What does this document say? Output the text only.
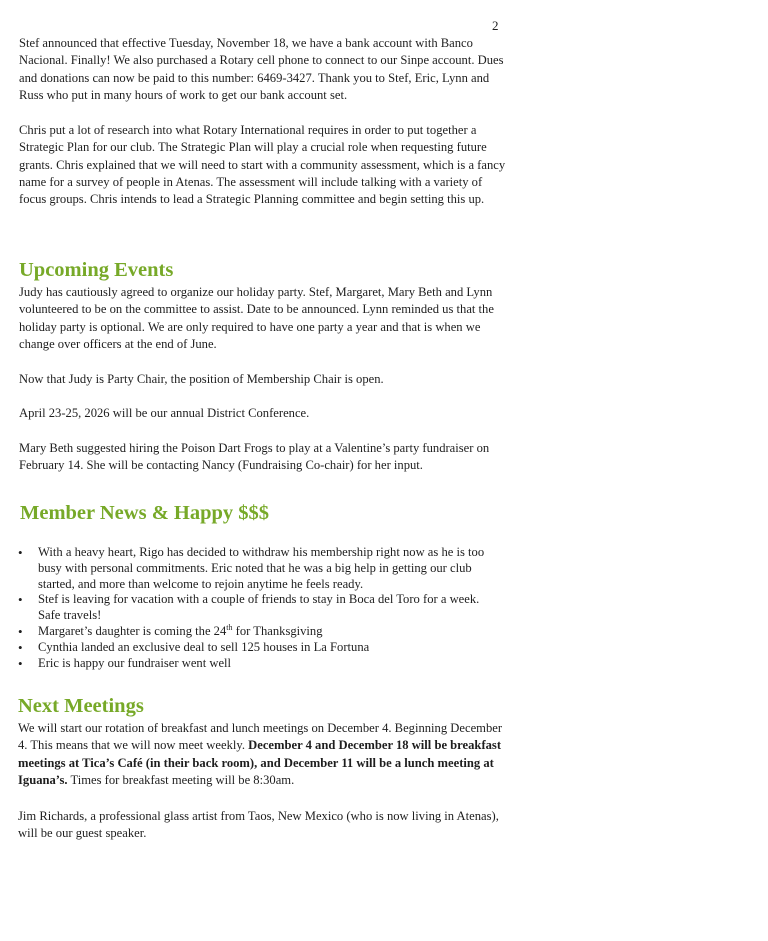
2

Stef announced that effective Tuesday, November 18, we have a bank account with Banco Nacional. Finally! We also purchased a Rotary cell phone to connect to our Sinpe account. Dues and donations can now be paid to this number: 6469-3427. Thank you to Stef, Eric, Lynn and Russ who put in many hours of work to get our bank account set.

Chris put a lot of research into what Rotary International requires in order to put together a Strategic Plan for our club. The Strategic Plan will play a crucial role when requesting future grants. Chris explained that we will need to start with a community assessment, which is a fancy name for a survey of people in Atenas. The assessment will include talking with a variety of focus groups. Chris intends to lead a Strategic Planning committee and begin setting this up.

Upcoming Events

Judy has cautiously agreed to organize our holiday party. Stef, Margaret, Mary Beth and Lynn volunteered to be on the committee to assist. Date to be announced. Lynn reminded us that the holiday party is optional. We are only required to have one party a year and that is when we change over officers at the end of June.

Now that Judy is Party Chair, the position of Membership Chair is open.

April 23-25, 2026 will be our annual District Conference.

Mary Beth suggested hiring the Poison Dart Frogs to play at a Valentine’s party fundraiser on February 14. She will be contacting Nancy (Fundraising Co-chair) for her input.

Member News & Happy $$$
• With a heavy heart, Rigo has decided to withdraw his membership right now as he is too busy with personal commitments. Eric noted that he was a big help in getting our club started, and more than welcome to rejoin anytime he feels ready.
• Stef is leaving for vacation with a couple of friends to stay in Boca del Toro for a week. Safe travels!
• Margaret’s daughter is coming the 24th for Thanksgiving
• Cynthia landed an exclusive deal to sell 125 houses in La Fortuna
• Eric is happy our fundraiser went well
Next Meetings

We will start our rotation of breakfast and lunch meetings on December 4. Beginning December 4. This means that we will now meet weekly. December 4 and December 18 will be breakfast meetings at Tica’s Café (in their back room), and December 11 will be a lunch meeting at Iguana’s. Times for breakfast meeting will be 8:30am.

Jim Richards, a professional glass artist from Taos, New Mexico (who is now living in Atenas), will be our guest speaker.
